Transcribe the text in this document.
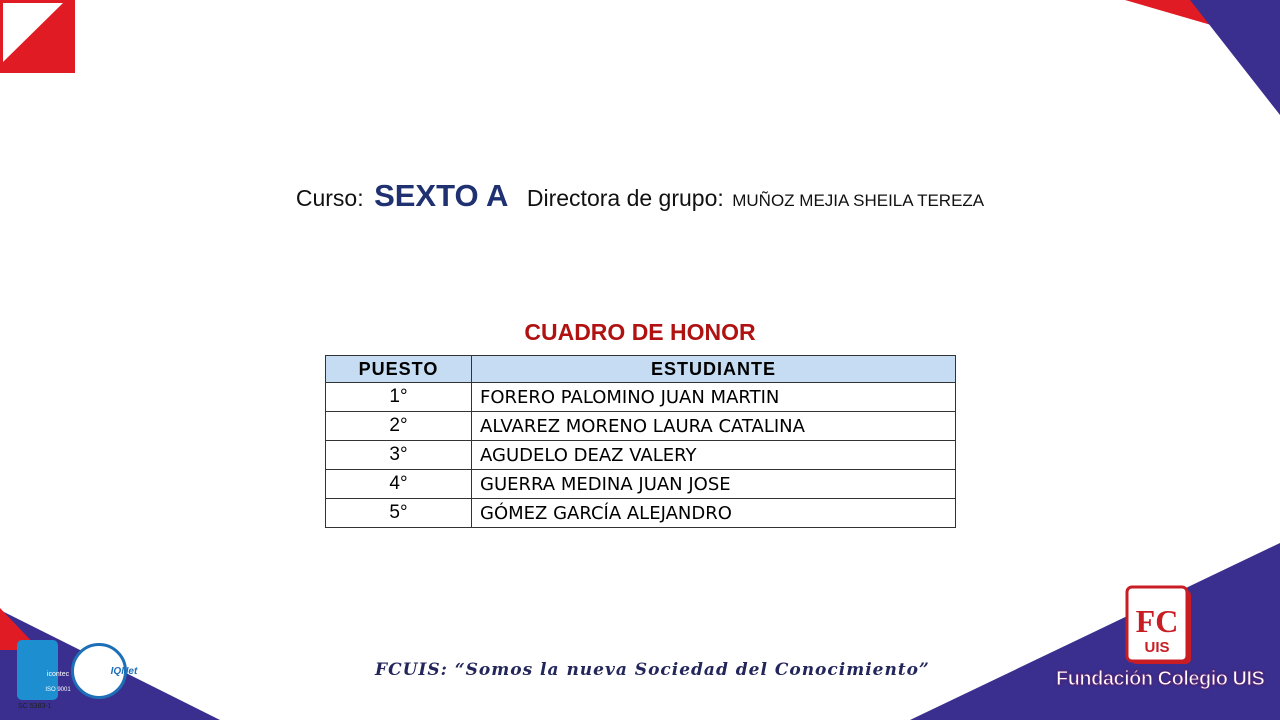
FC
UIS
Curso: SEXTO A Directora de grupo: MUÑOZ MEJIA SHEILA TEREZA
CUADRO DE HONOR
PUESTO	ESTUDIANTE
1°	FORERO PALOMINO JUAN MARTIN
2°	ALVAREZ MORENO LAURA CATALINA
3°	AGUDELO DEAZ VALERY
4°	GUERRA MEDINA JUAN JOSE
5°	GÓMEZ GARCÍA ALEJANDRO
FCUIS: “Somos la nueva Sociedad del Conocimiento”	Fundación Colegio UIS
icontec
ISO 9001
IQNet
SC 5383-1
